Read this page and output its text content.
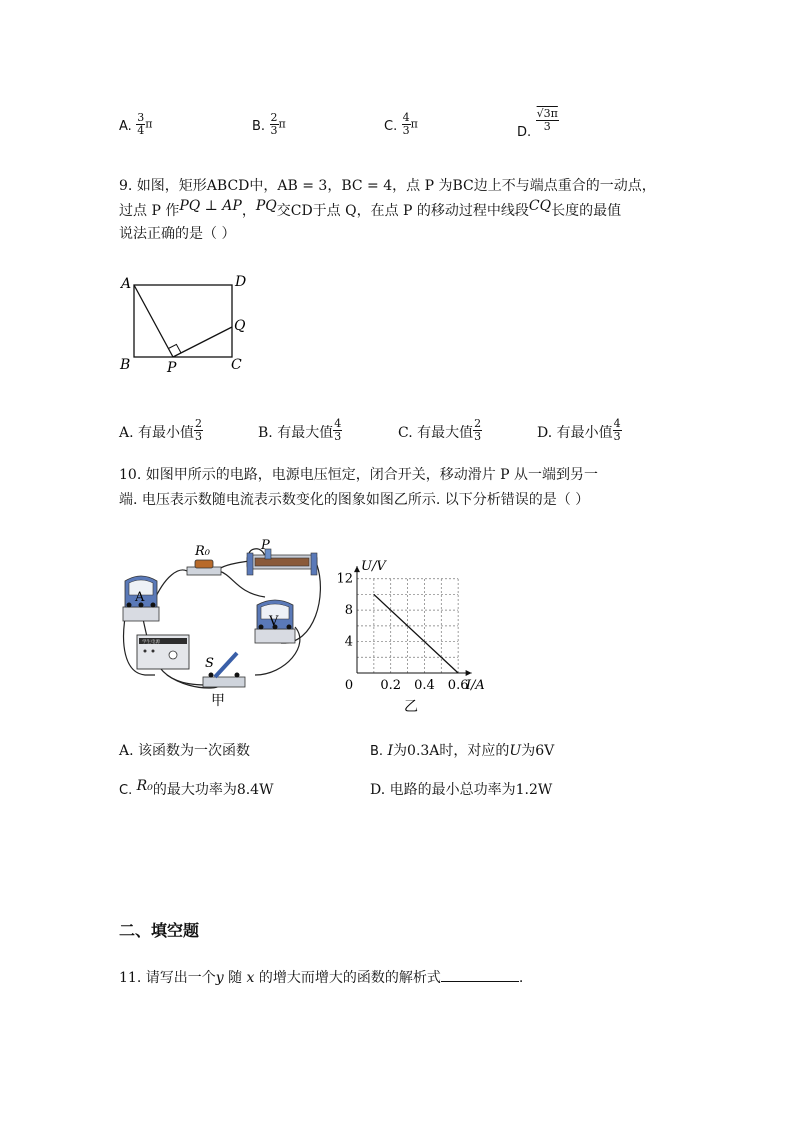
A. $\frac{3}{4}$ π	B. $\frac{2}{3}$ π	C. $\frac{4}{3}$ π
D. $\frac{√3\pi}{3}$
9. 如图，矩形ABCD中，AB = 3，BC = 4，点 P 为BC边上不与端点重合的一动点，
过点 P 作PQ ⊥ AP，PQ交CD于点 Q，在点 P 的移动过程中线段CQ长度的最值
说法正确的是（ ）
A	D
Q
B	P	C
A. 有最小值 $\frac{2}{3}$	B. 有最大值 $\frac{4}{3}$	C. 有最大值 $\frac{2}{3}$	D. 有最小值 $\frac{4}{3}$
10. 如图甲所示的电路，电源电压恒定，闭合开关，移动滑片 P 从一端到另一
端. 电压表示数随电流表示数变化的图象如图乙所示. 以下分析错误的是（ ）
A
R₀	P
V
学生电源
S
甲
0 0.2 0.4 0.6
4
8
12
I/A
U/V
乙
A. 该函数为一次函数	B. I为0.3A时，对应的U为6V
C. R₀的最大功率为8.4W	D. 电路的最小总功率为1.2W
二、填空题
11. 请写出一个y 随 x 的增大而增大的函数的解析式	.
